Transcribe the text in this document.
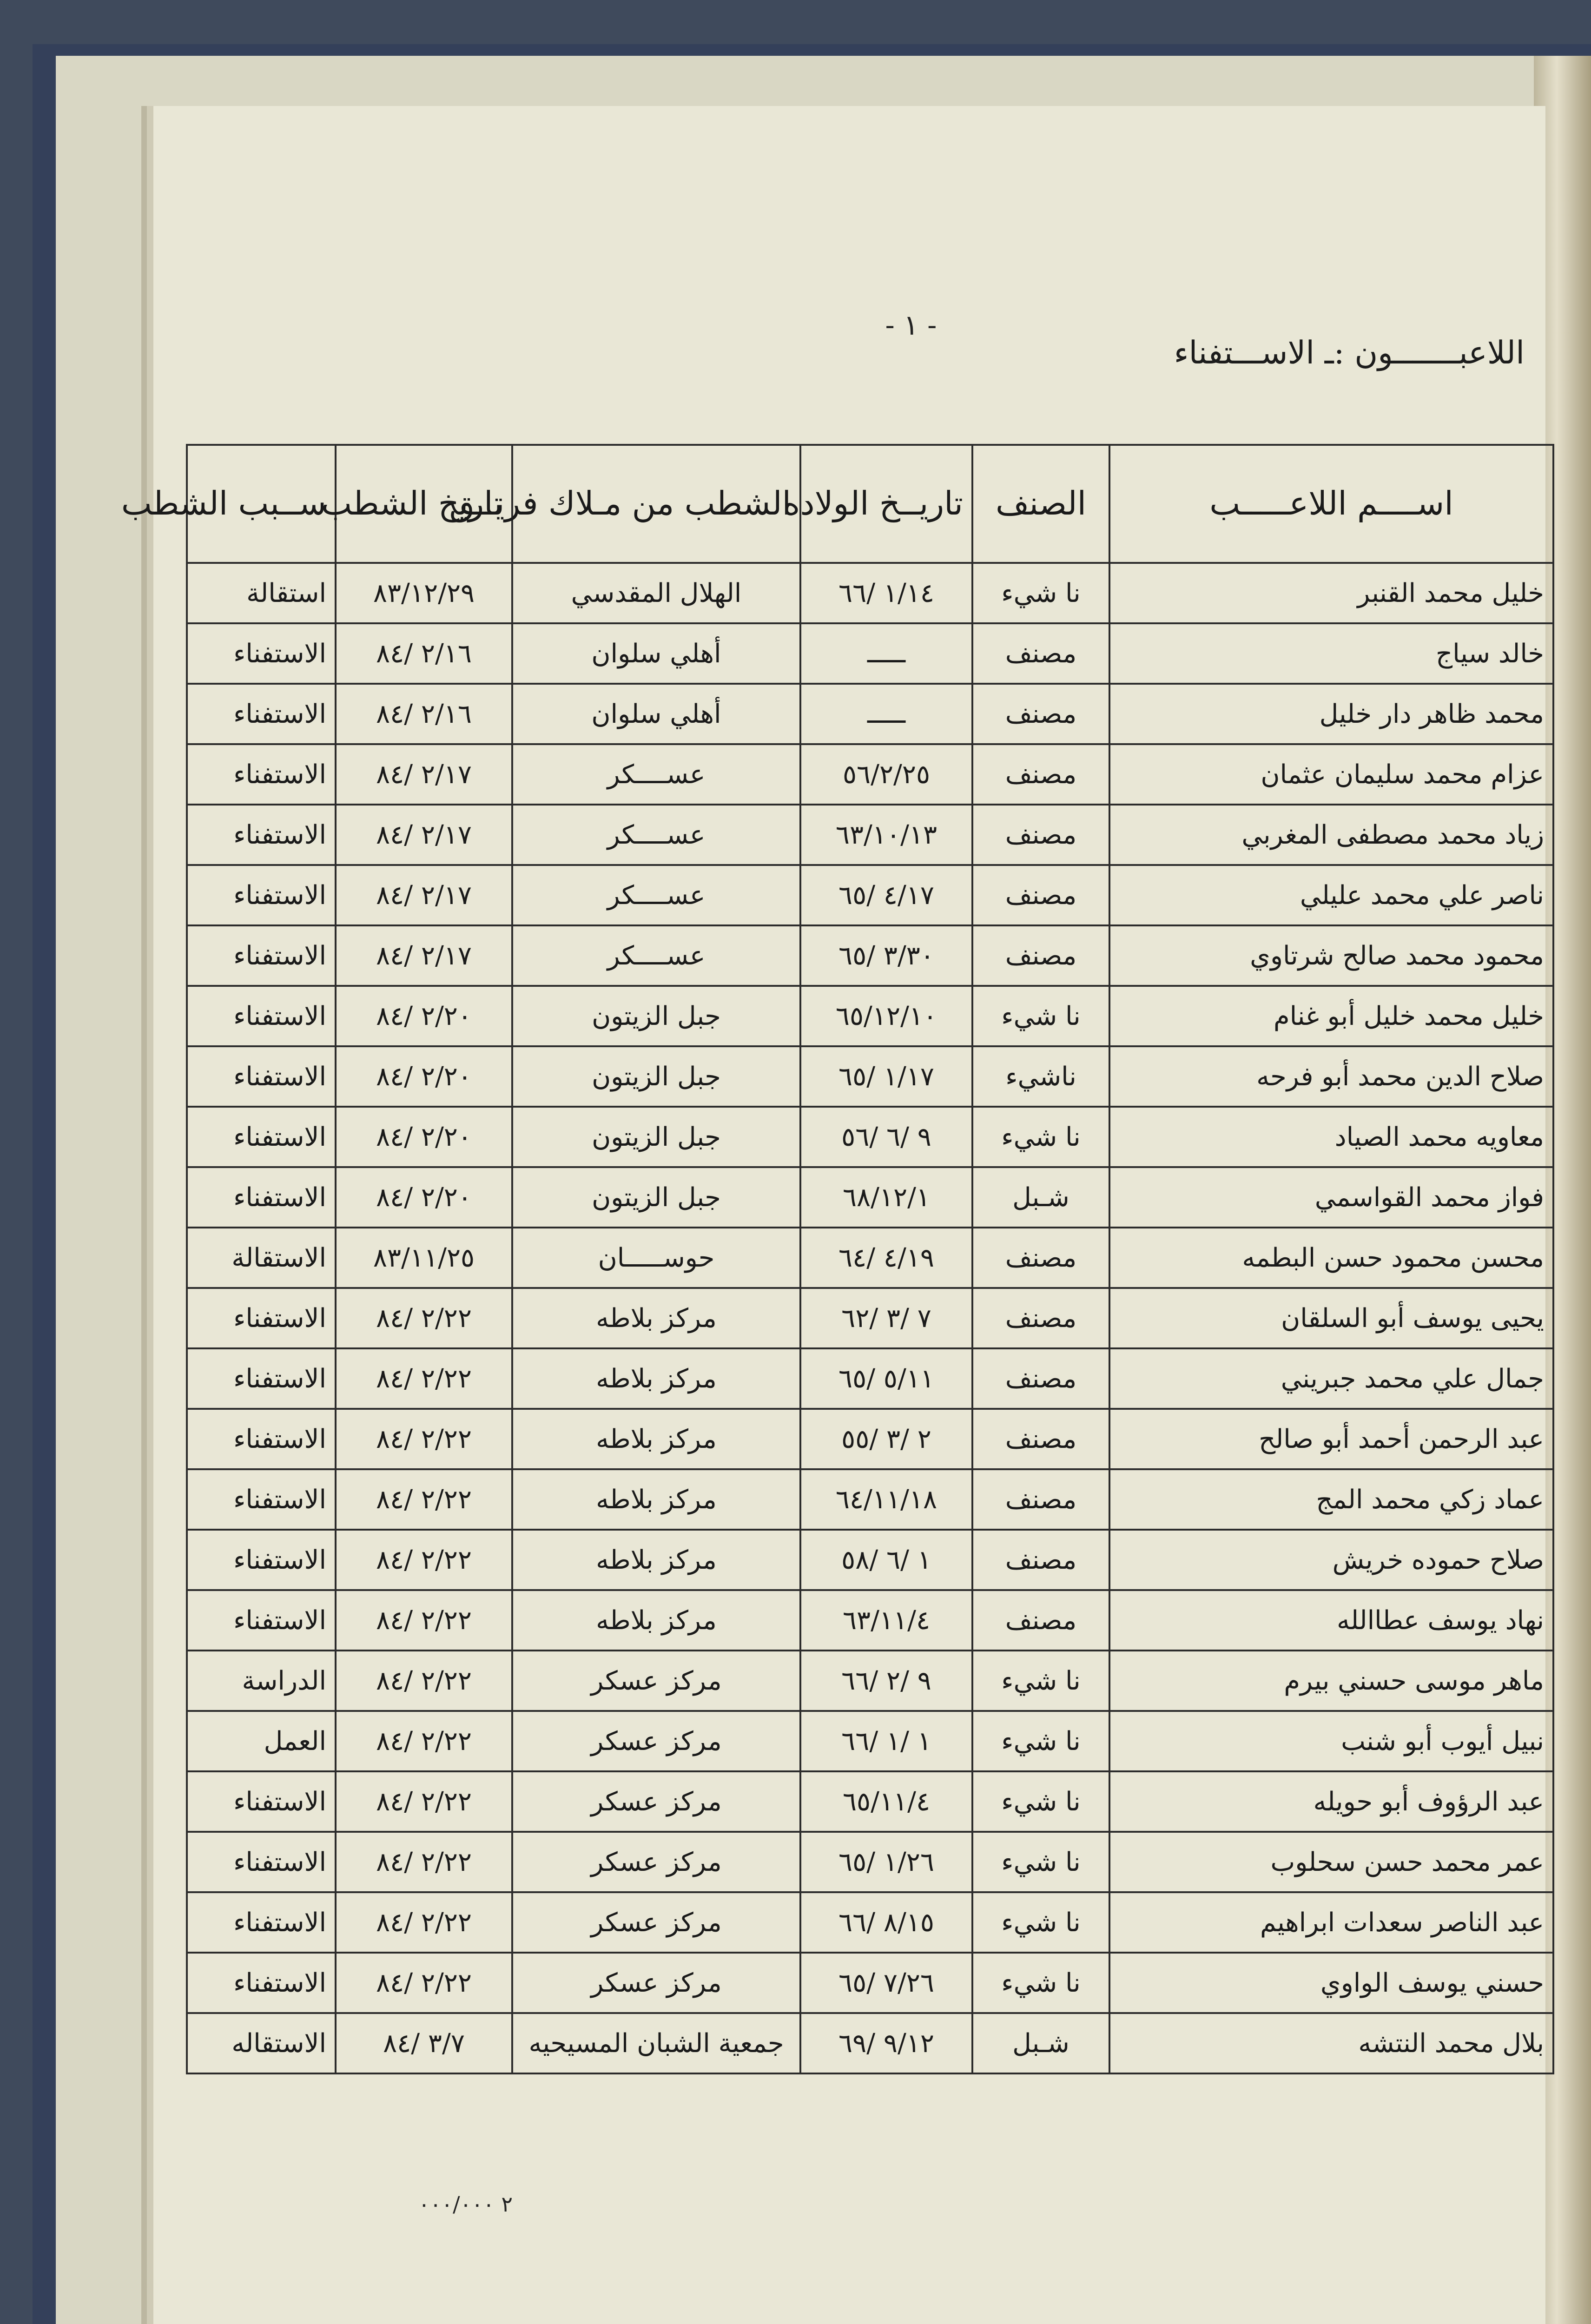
- ١ -
اللاعبـــــــون :ـ الاســـتفناء
اســــم اللاعـــــب	الصنف	تاريــخ الولاده	الشطب من مـلاك فريــق	تاريخ الشطب	ســبب الشطب
خليل محمد القنبر	نا شيء	١/١٤ /٦٦	الهلال المقدسي	٨٣/١٢/٢٩	استقالة
خالد سياج	مصنف	ـــــ	أهلي سلوان	٢/١٦ /٨٤	الاستفناء
محمد ظاهر دار خليل	مصنف	ـــــ	أهلي سلوان	٢/١٦ /٨٤	الاستفناء
عزام محمد سليمان عثمان	مصنف	٥٦/٢/٢٥	عســــكر	٢/١٧ /٨٤	الاستفناء
زياد محمد مصطفى المغربي	مصنف	٦٣/١٠/١٣	عســــكر	٢/١٧ /٨٤	الاستفناء
ناصر علي محمد عليلي	مصنف	٤/١٧ /٦٥	عســــكر	٢/١٧ /٨٤	الاستفناء
محمود محمد صالح شرتاوي	مصنف	٣/٣٠ /٦٥	عســــكر	٢/١٧ /٨٤	الاستفناء
خليل محمد خليل أبو غنام	نا شيء	٦٥/١٢/١٠	جبل الزيتون	٢/٢٠ /٨٤	الاستفناء
صلاح الدين محمد أبو فرحه	ناشيء	١/١٧ /٦٥	جبل الزيتون	٢/٢٠ /٨٤	الاستفناء
معاويه محمد الصياد	نا شيء	٩ /٦ /٥٦	جبل الزيتون	٢/٢٠ /٨٤	الاستفناء
فواز محمد القواسمي	شـبل	٦٨/١٢/١	جبل الزيتون	٢/٢٠ /٨٤	الاستفناء
محسن محمود حسن البطمه	مصنف	٤/١٩ /٦٤	حوســـــان	٨٣/١١/٢٥	الاستقالة
يحيى يوسف أبو السلقان	مصنف	٧ /٣ /٦٢	مركز بلاطه	٢/٢٢ /٨٤	الاستفناء
جمال علي محمد جبريني	مصنف	٥/١١ /٦٥	مركز بلاطه	٢/٢٢ /٨٤	الاستفناء
عبد الرحمن أحمد أبو صالح	مصنف	٢ /٣ /٥٥	مركز بلاطه	٢/٢٢ /٨٤	الاستفناء
عماد زكي محمد المج	مصنف	٦٤/١١/١٨	مركز بلاطه	٢/٢٢ /٨٤	الاستفناء
صلاح حموده خريش	مصنف	١ /٦ /٥٨	مركز بلاطه	٢/٢٢ /٨٤	الاستفناء
نهاد يوسف عطاالله	مصنف	٦٣/١١/٤	مركز بلاطه	٢/٢٢ /٨٤	الاستفناء
ماهر موسى حسني بيرم	نا شيء	٩ /٢ /٦٦	مركز عسكر	٢/٢٢ /٨٤	الدراسة
نبيل أيوب أبو شنب	نا شيء	١ /١ /٦٦	مركز عسكر	٢/٢٢ /٨٤	العمل
عبد الرؤوف أبو حويله	نا شيء	٦٥/١١/٤	مركز عسكر	٢/٢٢ /٨٤	الاستفناء
عمر محمد حسن سحلوب	نا شيء	١/٢٦ /٦٥	مركز عسكر	٢/٢٢ /٨٤	الاستفناء
عبد الناصر سعدات ابراهيم	نا شيء	٨/١٥ /٦٦	مركز عسكر	٢/٢٢ /٨٤	الاستفناء
حسني يوسف الواوي	نا شيء	٧/٢٦ /٦٥	مركز عسكر	٢/٢٢ /٨٤	الاستفناء
بلال محمد النتشه	شـبل	٩/١٢ /٦٩	جمعية الشبان المسيحيه	٣/٧ /٨٤	الاستقاله
٢ ٠٠٠/٠٠٠
